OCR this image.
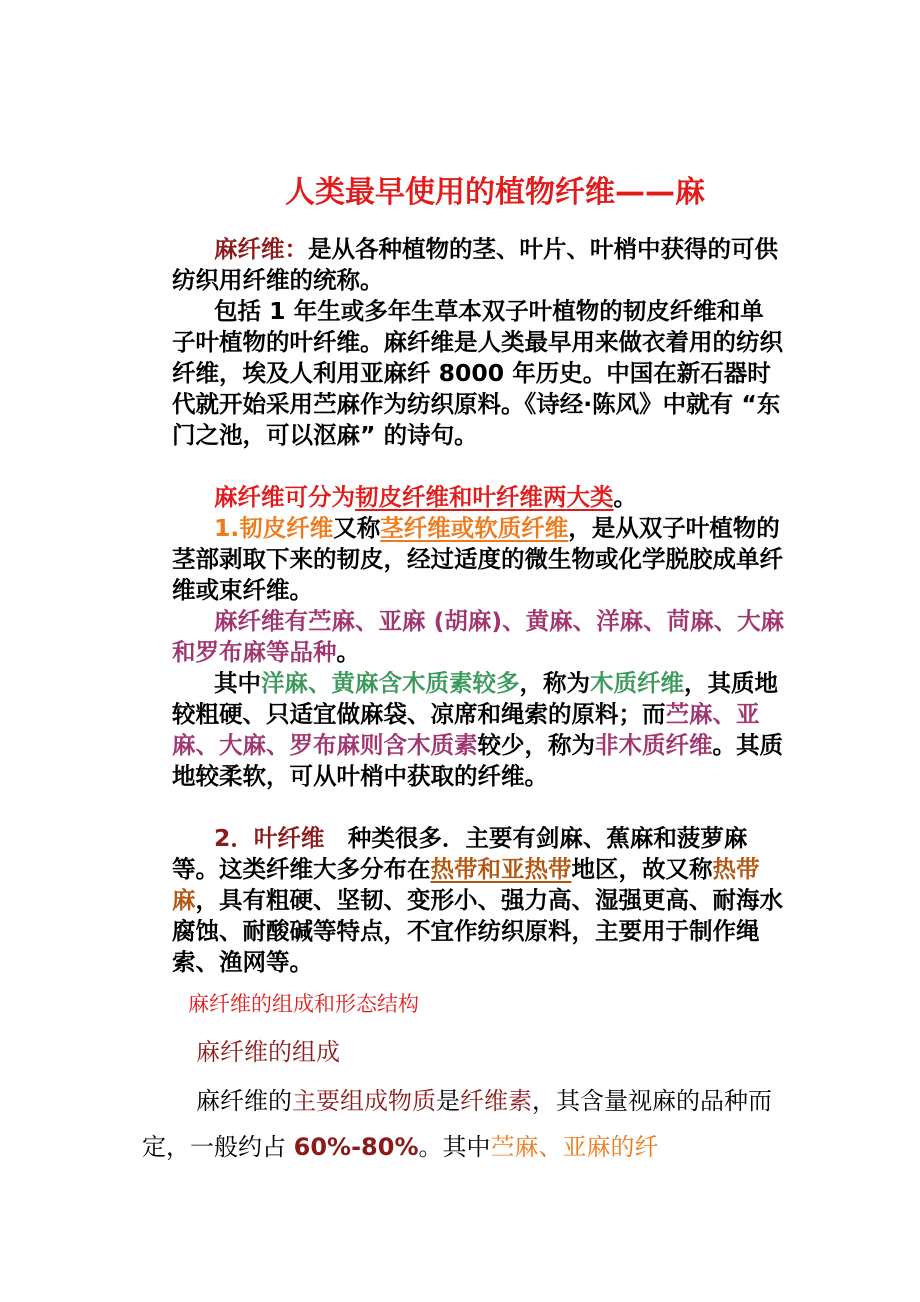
人类最早使用的植物纤维——麻
麻纤维：是从各种植物的茎、叶片、叶梢中获得的可供纺织用纤维的统称。
包括 1 年生或多年生草本双子叶植物的韧皮纤维和单子叶植物的叶纤维。麻纤维是人类最早用来做衣着用的纺织纤维，埃及人利用亚麻纤 8000 年历史。中国在新石器时代就开始采用苎麻作为纺织原料。《诗经·陈风》中就有 “东门之池，可以沤麻” 的诗句。
麻纤维可分为韧皮纤维和叶纤维两大类。
1.韧皮纤维又称茎纤维或软质纤维，是从双子叶植物的茎部剥取下来的韧皮，经过适度的微生物或化学脱胶成单纤维或束纤维。
麻纤维有苎麻、亚麻 (胡麻)、黄麻、洋麻、苘麻、大麻和罗布麻等品种。
其中洋麻、黄麻含木质素较多，称为木质纤维，其质地较粗硬、只适宜做麻袋、凉席和绳索的原料；而苎麻、亚麻、大麻、罗布麻则含木质素较少，称为非木质纤维。其质地较柔软，可从叶梢中获取的纤维。
2．叶纤维　种类很多．主要有剑麻、蕉麻和菠萝麻等。这类纤维大多分布在热带和亚热带地区，故又称热带麻，具有粗硬、坚韧、变形小、强力高、湿强更高、耐海水腐蚀、耐酸碱等特点，不宜作纺织原料，主要用于制作绳索、渔网等。
麻纤维的组成和形态结构
麻纤维的组成
麻纤维的主要组成物质是纤维素，其含量视麻的品种而定，一般约占 60%-80%。其中苎麻、亚麻的纤
